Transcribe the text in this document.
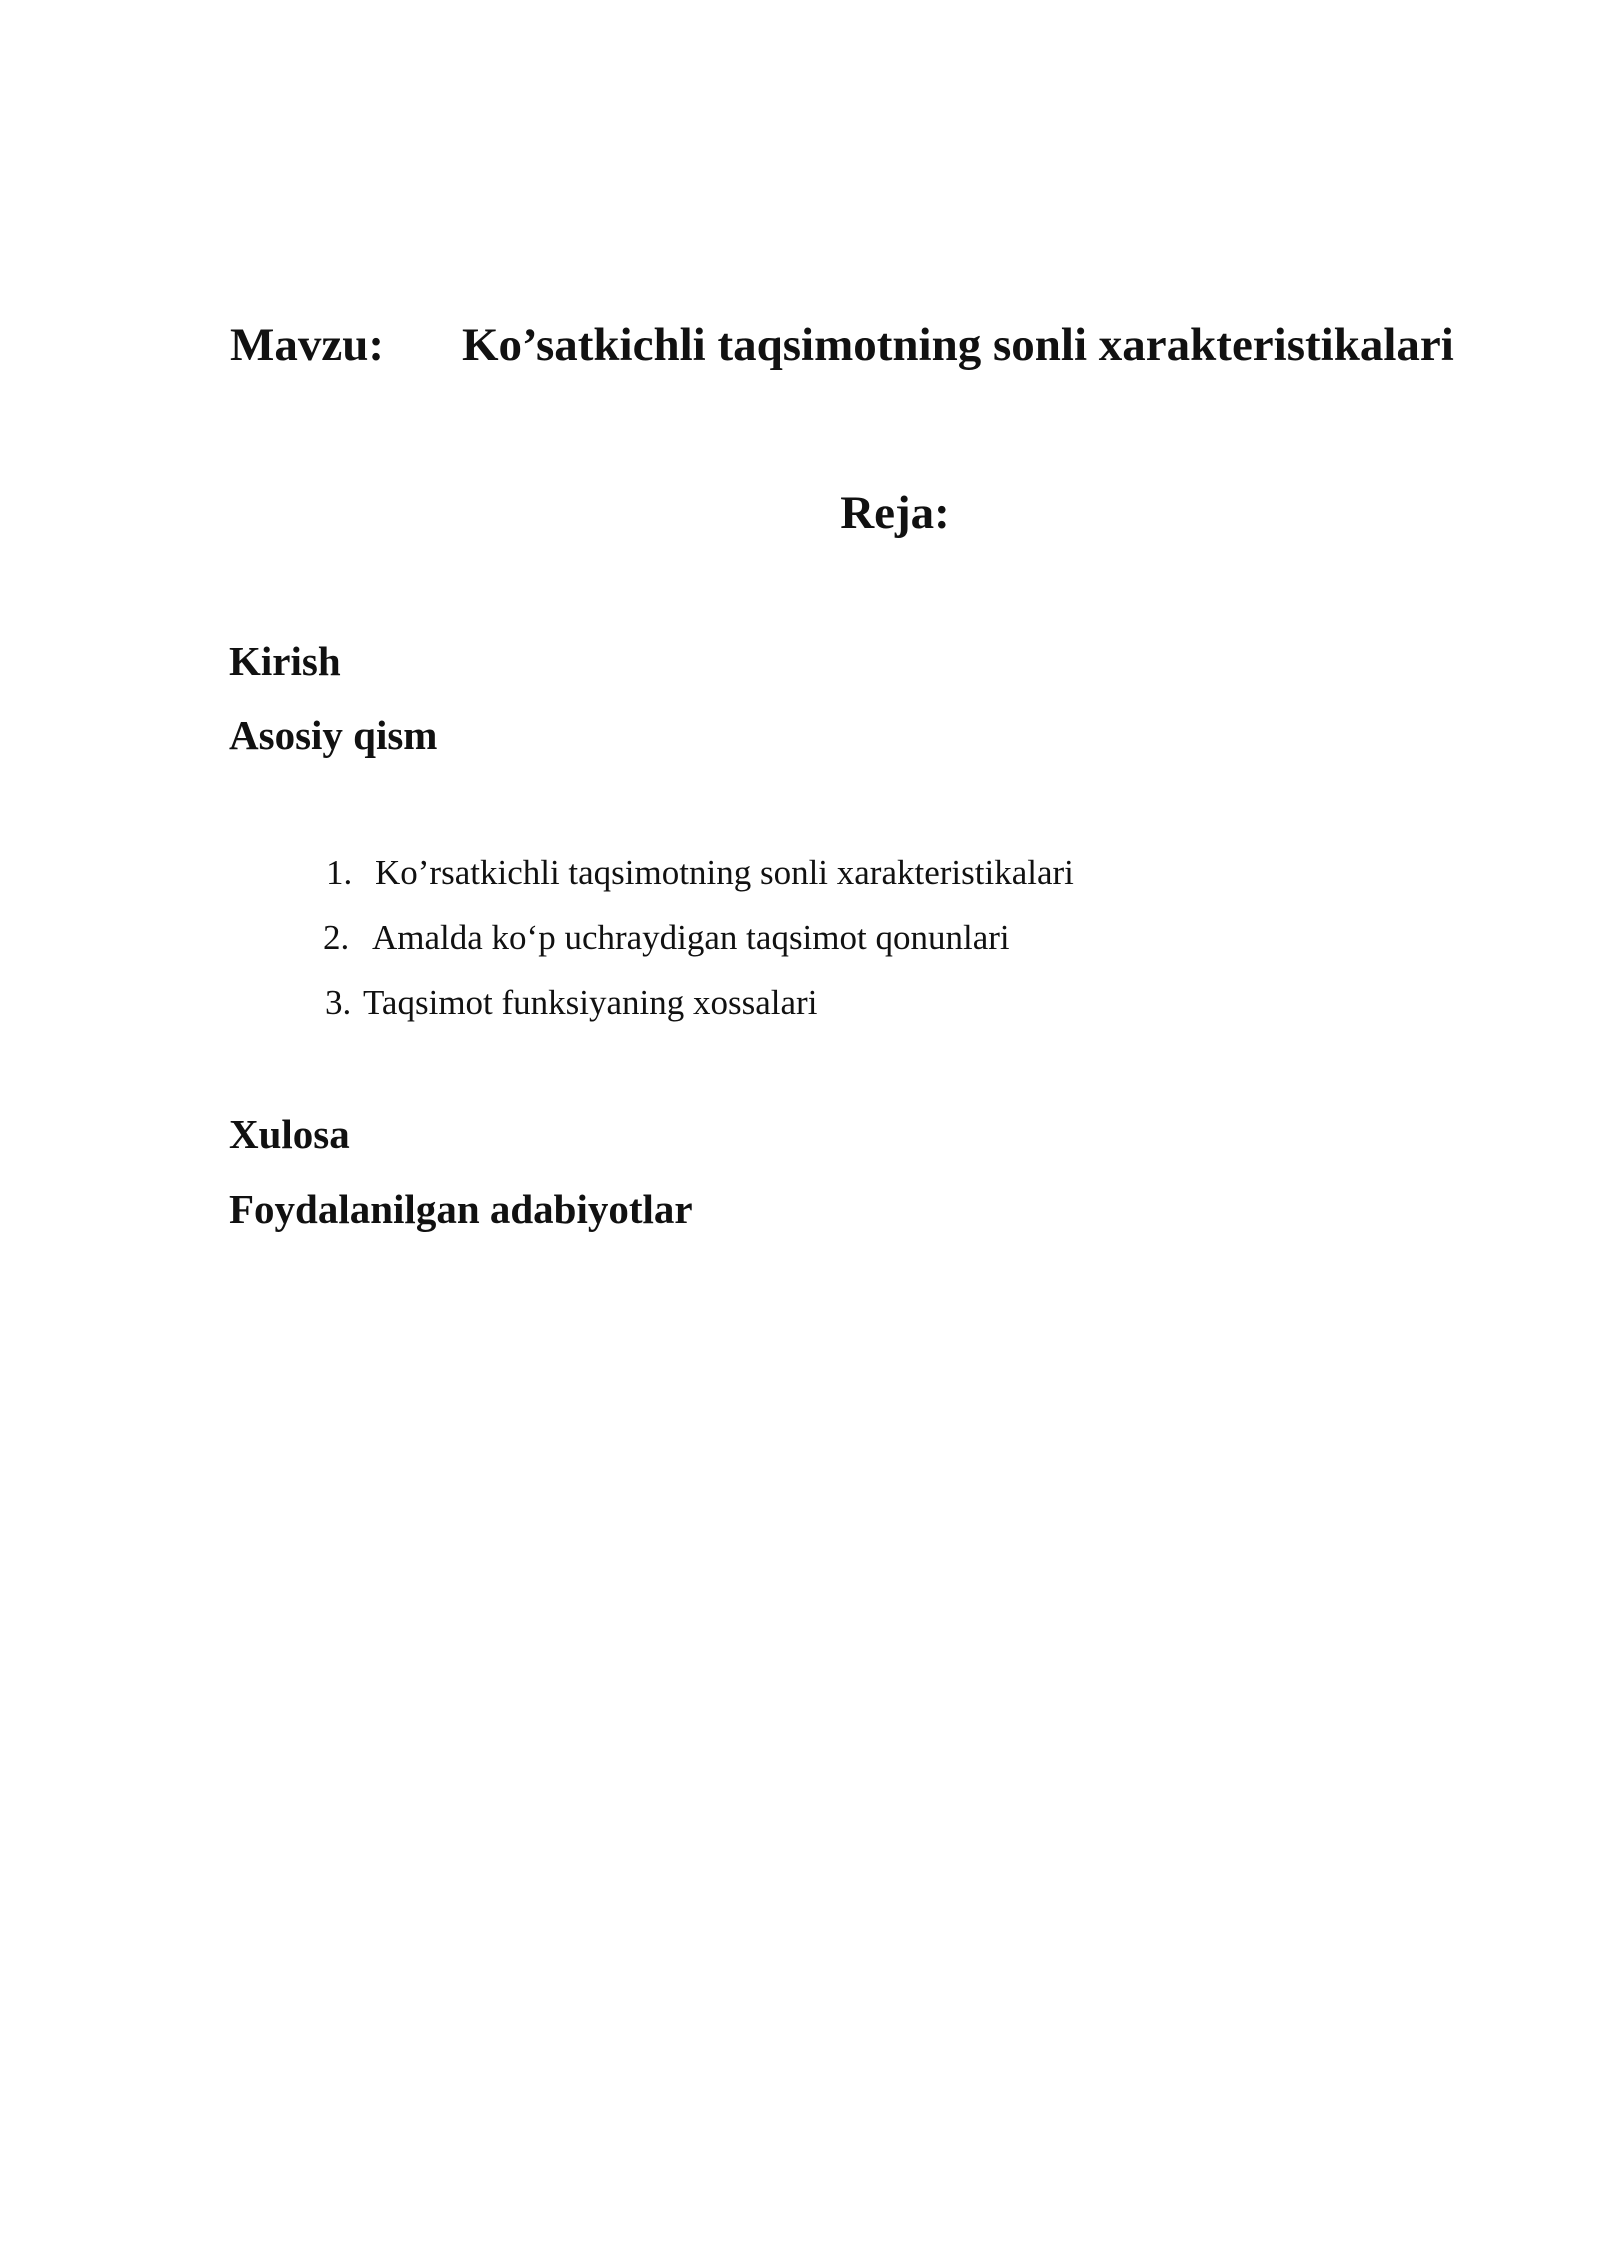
Mavzu: Ko’satkichli taqsimotning sonli xarakteristikalari
Reja:
Kirish
Asosiy qism
1. Ko’rsatkichli taqsimotning sonli xarakteristikalari
2. Amalda ko‘p uchraydigan taqsimot qonunlari
3. Taqsimot funksiyaning xossalari
Xulosa
Foydalanilgan adabiyotlar
